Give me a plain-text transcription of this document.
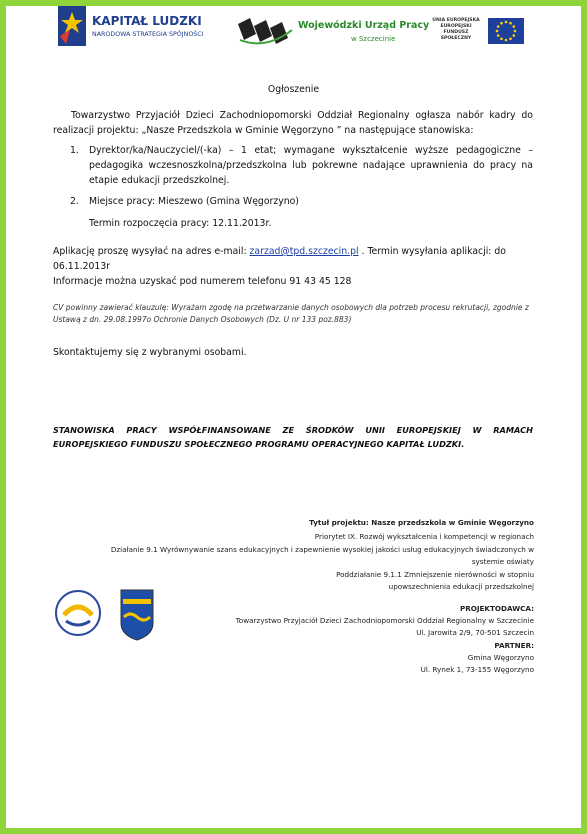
KAPITAŁ LUDZKI
NARODOWA STRATEGIA SPÓJNOŚCI
Wojewódzki Urząd Pracy
w Szczecinie
UNIA EUROPEJSKA
EUROPEJSKI
FUNDUSZ SPOŁECZNY
Ogłoszenie
Towarzystwo Przyjaciół Dzieci Zachodniopomorski Oddział Regionalny ogłasza nabór kadry do realizacji projektu: „Nasze Przedszkola w Gminie Węgorzyno ” na następujące stanowiska:
1. Dyrektor/ka/Nauczyciel/(-ka) – 1 etat; wymagane wykształcenie wyższe pedagogiczne – pedagogika wczesnoszkolna/przedszkolna lub pokrewne nadające uprawnienia do pracy na etapie edukacji przedszkolnej.
2. Miejsce pracy: Mieszewo (Gmina Węgorzyno)
Termin rozpoczęcia pracy: 12.11.2013r.
Aplikację proszę wysyłać na adres e-mail: zarzad@tpd.szczecin.pl . Termin wysyłania aplikacji: do 06.11.2013r
Informacje można uzyskać pod numerem telefonu 91 43 45 128
CV powinny zawierać klauzulę: Wyrażam zgodę na przetwarzanie danych osobowych dla potrzeb procesu rekrutacji, zgodnie z Ustawą z dn. 29.08.1997o Ochronie Danych Osobowych (Dz. U nr 133 poz.883)
Skontaktujemy się z wybranymi osobami.
STANOWISKA PRACY WSPÓŁFINANSOWANE ZE ŚRODKÓW UNII EUROPEJSKIEJ W RAMACH EUROPEJSKIEGO FUNDUSZU SPOŁECZNEGO PROGRAMU OPERACYJNEGO KAPITAŁ LUDZKI.
Tytuł projektu: Nasze przedszkola w Gminie Węgorzyno
Priorytet IX. Rozwój wykształcenia i kompetencji w regionach
Działanie 9.1 Wyrównywanie szans edukacyjnych i zapewnienie wysokiej jakości usług edukacyjnych świadczonych w
systemie oświaty
Poddziałanie 9.1.1 Zmniejszenie nierówności w stopniu
upowszechnienia edukacji przedszkolnej
PROJEKTODAWCA:
Towarzystwo Przyjaciół Dzieci Zachodniopomorski Oddział Regionalny w Szczecinie
Ul. Jarowita 2/9, 70-501 Szczecin
PARTNER:
Gmina Węgorzyno
Ul. Rynek 1, 73-155 Węgorzyno
